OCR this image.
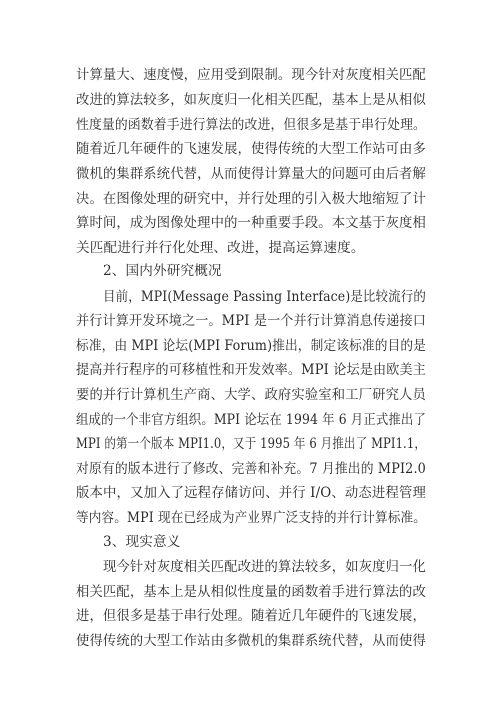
计算量大、速度慢，应用受到限制。现今针对灰度相关匹配
改进的算法较多，如灰度归一化相关匹配，基本上是从相似
性度量的函数着手进行算法的改进，但很多是基于串行处理。
随着近几年硬件的飞速发展，使得传统的大型工作站可由多
微机的集群系统代替，从而使得计算量大的问题可由后者解
决。在图像处理的研究中，并行处理的引入极大地缩短了计
算时间，成为图像处理中的一种重要手段。本文基于灰度相
关匹配进行并行化处理、改进，提高运算速度。
2、国内外研究概况
目前，MPI(Message Passing Interface)是比较流行的
并行计算开发环境之一。MPI 是一个并行计算消息传递接口
标准，由 MPI 论坛(MPI Forum)推出，制定该标准的目的是
提高并行程序的可移植性和开发效率。MPI 论坛是由欧美主
要的并行计算机生产商、大学、政府实验室和工厂研究人员
组成的一个非官方组织。MPI 论坛在 1994 年 6 月正式推出了
MPI 的第一个版本 MPI1.0，又于 1995 年 6 月推出了 MPI1.1，
对原有的版本进行了修改、完善和补充。7 月推出的 MPI2.0
版本中，又加入了远程存储访问、并行 I/O、动态进程管理
等内容。MPI 现在已经成为产业界广泛支持的并行计算标准。
3、现实意义
现今针对灰度相关匹配改进的算法较多，如灰度归一化
相关匹配，基本上是从相似性度量的函数着手进行算法的改
进，但很多是基于串行处理。随着近几年硬件的飞速发展，
使得传统的大型工作站由多微机的集群系统代替，从而使得
